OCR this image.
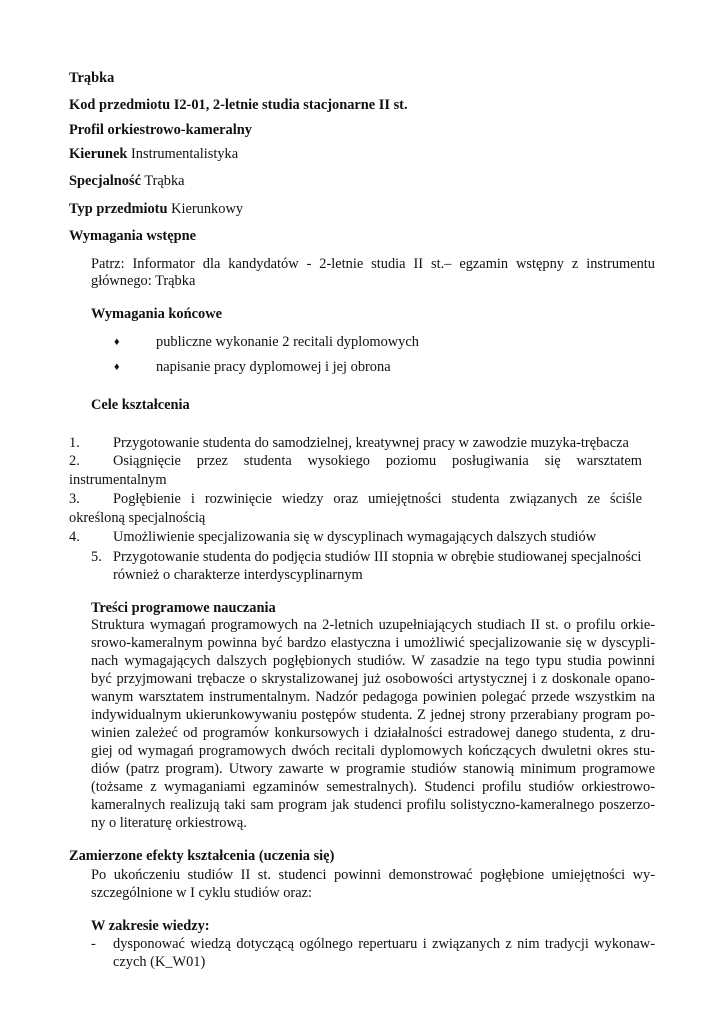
Trąbka
Kod przedmiotu I2-01, 2-letnie studia stacjonarne II st.
Profil orkiestrowo-kameralny
Kierunek Instrumentalistyka
Specjalność Trąbka
Typ przedmiotu Kierunkowy
Wymagania wstępne
Patrz: Informator dla kandydatów - 2-letnie studia II st.– egzamin wstępny z instrumentu
głównego: Trąbka
Wymagania końcowe
♦	publiczne wykonanie 2 recitali dyplomowych
♦	napisanie pracy dyplomowej i jej obrona
Cele kształcenia
1. Przygotowanie studenta do samodzielnej, kreatywnej pracy w zawodzie muzyka-trębacza
2. Osiągnięcie przez studenta wysokiego poziomu posługiwania się warsztatem
instrumentalnym
3. Pogłębienie i rozwinięcie wiedzy oraz umiejętności studenta związanych ze ściśle
określoną specjalnością
4. Umożliwienie specjalizowania się w dyscyplinach wymagających dalszych studiów
5. Przygotowanie studenta do podjęcia studiów III stopnia w obrębie studiowanej specjalności
również o charakterze interdyscyplinarnym
Treści programowe nauczania
Struktura wymagań programowych na 2-letnich uzupełniających studiach II st. o profilu orkie-
srowo-kameralnym powinna być bardzo elastyczna i umożliwić specjalizowanie się w dyscypli-
nach wymagających dalszych pogłębionych studiów. W zasadzie na tego typu studia powinni
być przyjmowani trębacze o skrystalizowanej już osobowości artystycznej i z doskonale opano-
wanym warsztatem instrumentalnym. Nadzór pedagoga powinien polegać przede wszystkim na
indywidualnym ukierunkowywaniu postępów studenta. Z jednej strony przerabiany program po-
winien zależeć od programów konkursowych i działalności estradowej danego studenta, z dru-
giej od wymagań programowych dwóch recitali dyplomowych kończących dwuletni okres stu-
diów (patrz program). Utwory zawarte w programie studiów stanowią minimum programowe
(tożsame z wymaganiami egzaminów semestralnych). Studenci profilu studiów orkiestrowo-
kameralnych realizują taki sam program jak studenci profilu solistyczno-kameralnego poszerzo-
ny o literaturę orkiestrową.
Zamierzone efekty kształcenia (uczenia się)
Po ukończeniu studiów II st. studenci powinni demonstrować pogłębione umiejętności wy-
szczególnione w I cyklu studiów oraz:
W zakresie wiedzy:
- dysponować wiedzą dotyczącą ogólnego repertuaru i związanych z nim tradycji wykonaw-
czych (K_W01)
